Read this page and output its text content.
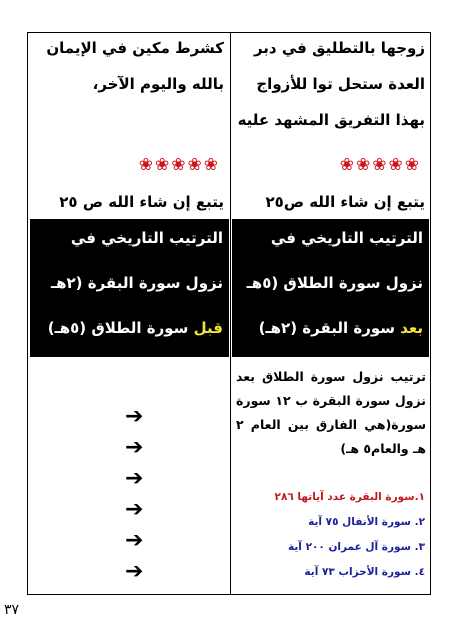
زوجها بالتطليق في دبر
العدة ستحل توا للأزواج
بهذا التفريق المشهد عليه
❀❀❀❀❀
يتبع إن شاء الله ص٢٥
الترتيب التاريخي في
نزول سورة الطلاق (٥هـ
بعد سورة البقرة (٢هـ)
ترتيب نزول سورة الطلاق بعد نزول سورة البقرة ب ١٢ سورة سورة(هي الفارق بين العام ٢ هـ والعام٥ هـ)
١.سورة البقرة عدد آياتها ٢٨٦
٢. سورة الأنفال ٧٥ آية
٣. سورة آل عمران ٢٠٠ آية
٤. سورة الأحزاب ٧٣ آية
كشرط مكين في الإيمان
بالله واليوم الآخر،
❀❀❀❀❀
يتبع إن شاء الله ص ٢٥
الترتيب التاريخي في
نزول سورة البقرة (٢هـ
قبل سورة الطلاق (٥هـ)
➔
➔
➔
➔
➔
➔
٣٧
